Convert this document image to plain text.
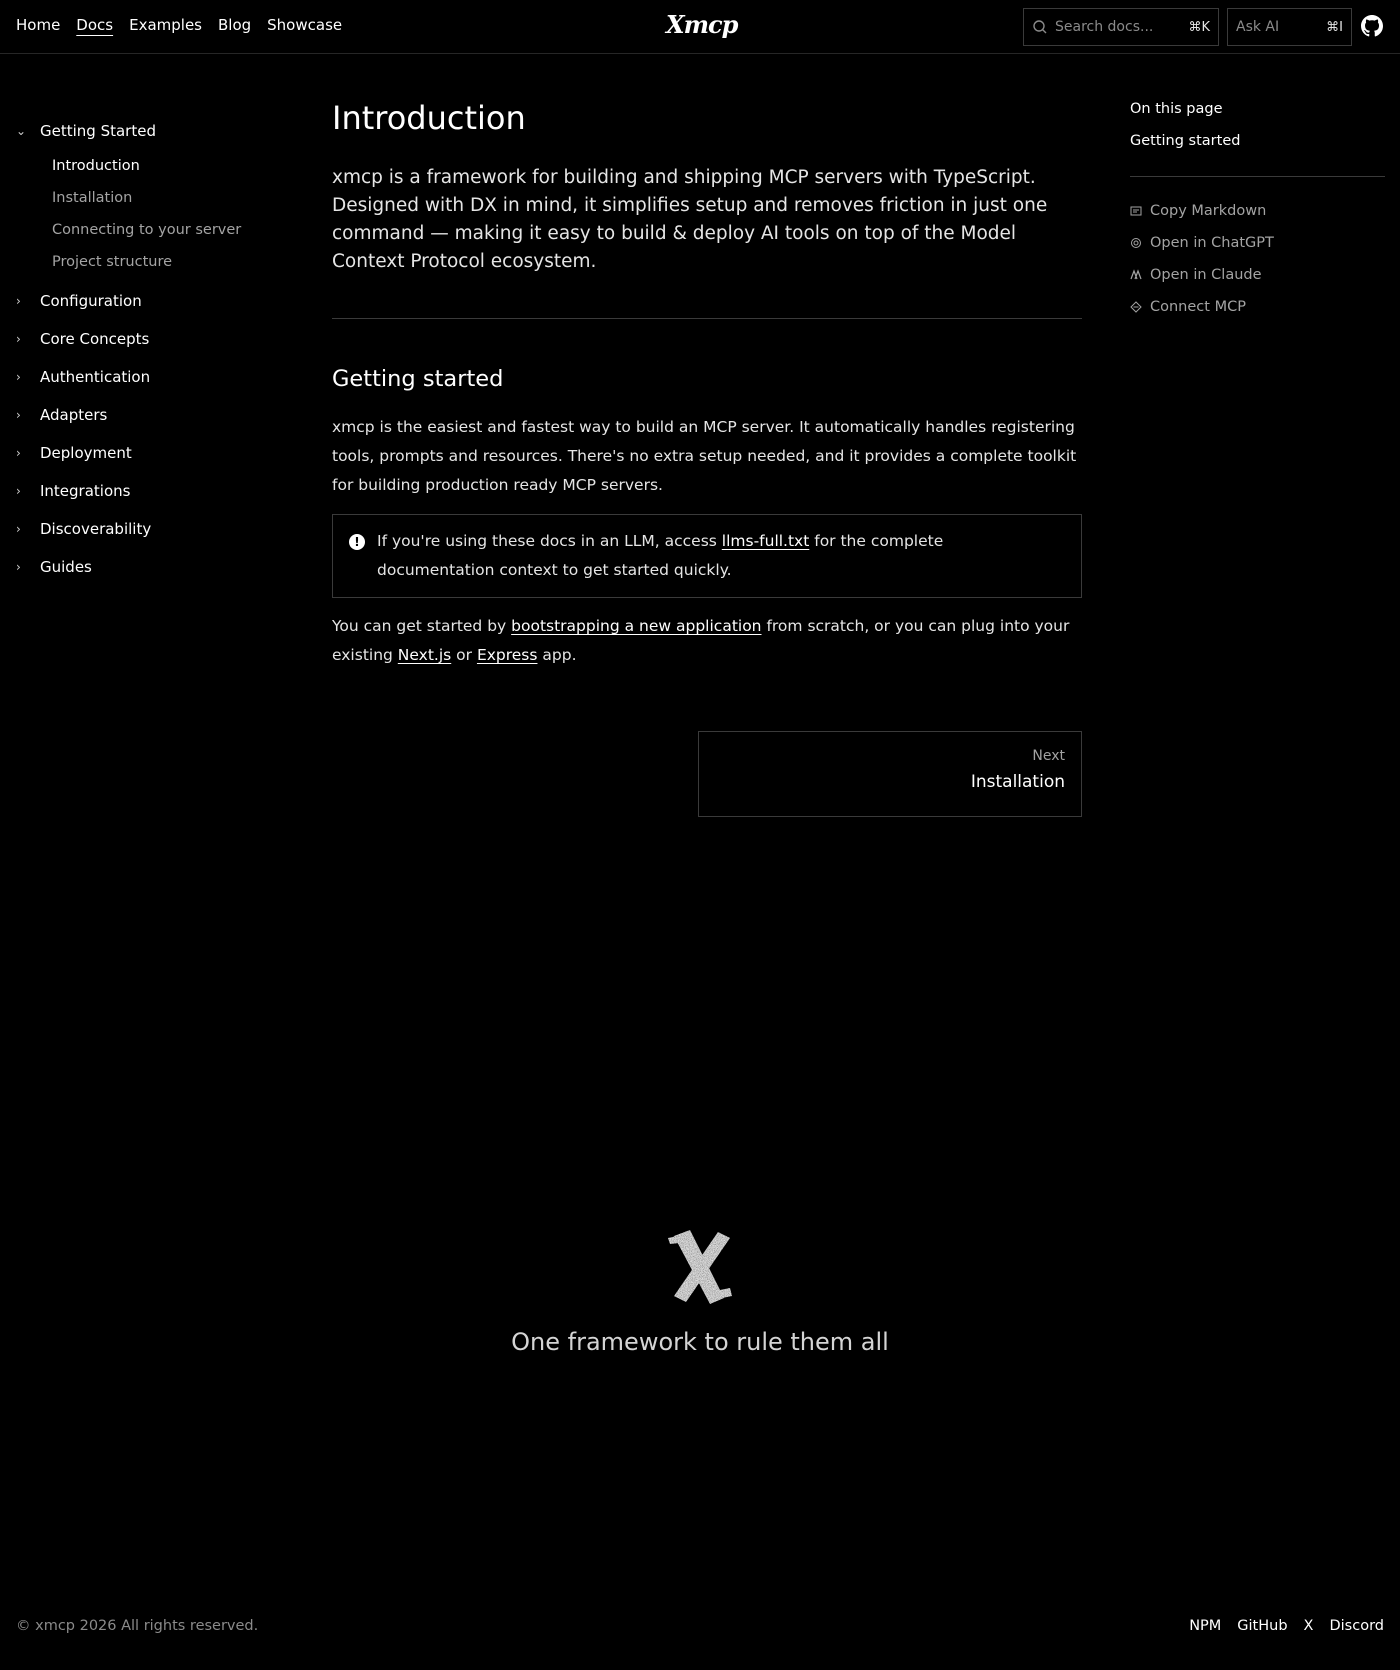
Home Docs Examples Blog Showcase	Xmcp	Search docs...	⌘K Ask AI	⌘I
⌄ Getting Started
Introduction
Installation
Connecting to your server
Project structure
›	Configuration
›	Core Concepts
›	Authentication
›	Adapters
›	Deployment
›	Integrations
›	Discoverability
›	Guides
Introduction

xmcp is a framework for building and shipping MCP servers with TypeScript. Designed with DX in mind, it simplifies setup and removes friction in just one command — making it easy to build & deploy AI tools on top of the Model Context Protocol ecosystem.

Getting started

xmcp is the easiest and fastest way to build an MCP server. It automatically handles registering tools, prompts and resources. There's no extra setup needed, and it provides a complete toolkit for building production ready MCP servers.

!	If you're using these docs in an LLM, access llms-full.txt for the complete documentation context to get started quickly.

You can get started by bootstrapping a new application from scratch, or you can plug into your existing Next.js or Express app.

Next
Installation
On this page
Getting started
Copy Markdown
Open in ChatGPT
Open in Claude
Connect MCP
One framework to rule them all
© xmcp 2026 All rights reserved.	NPM GitHub X Discord
